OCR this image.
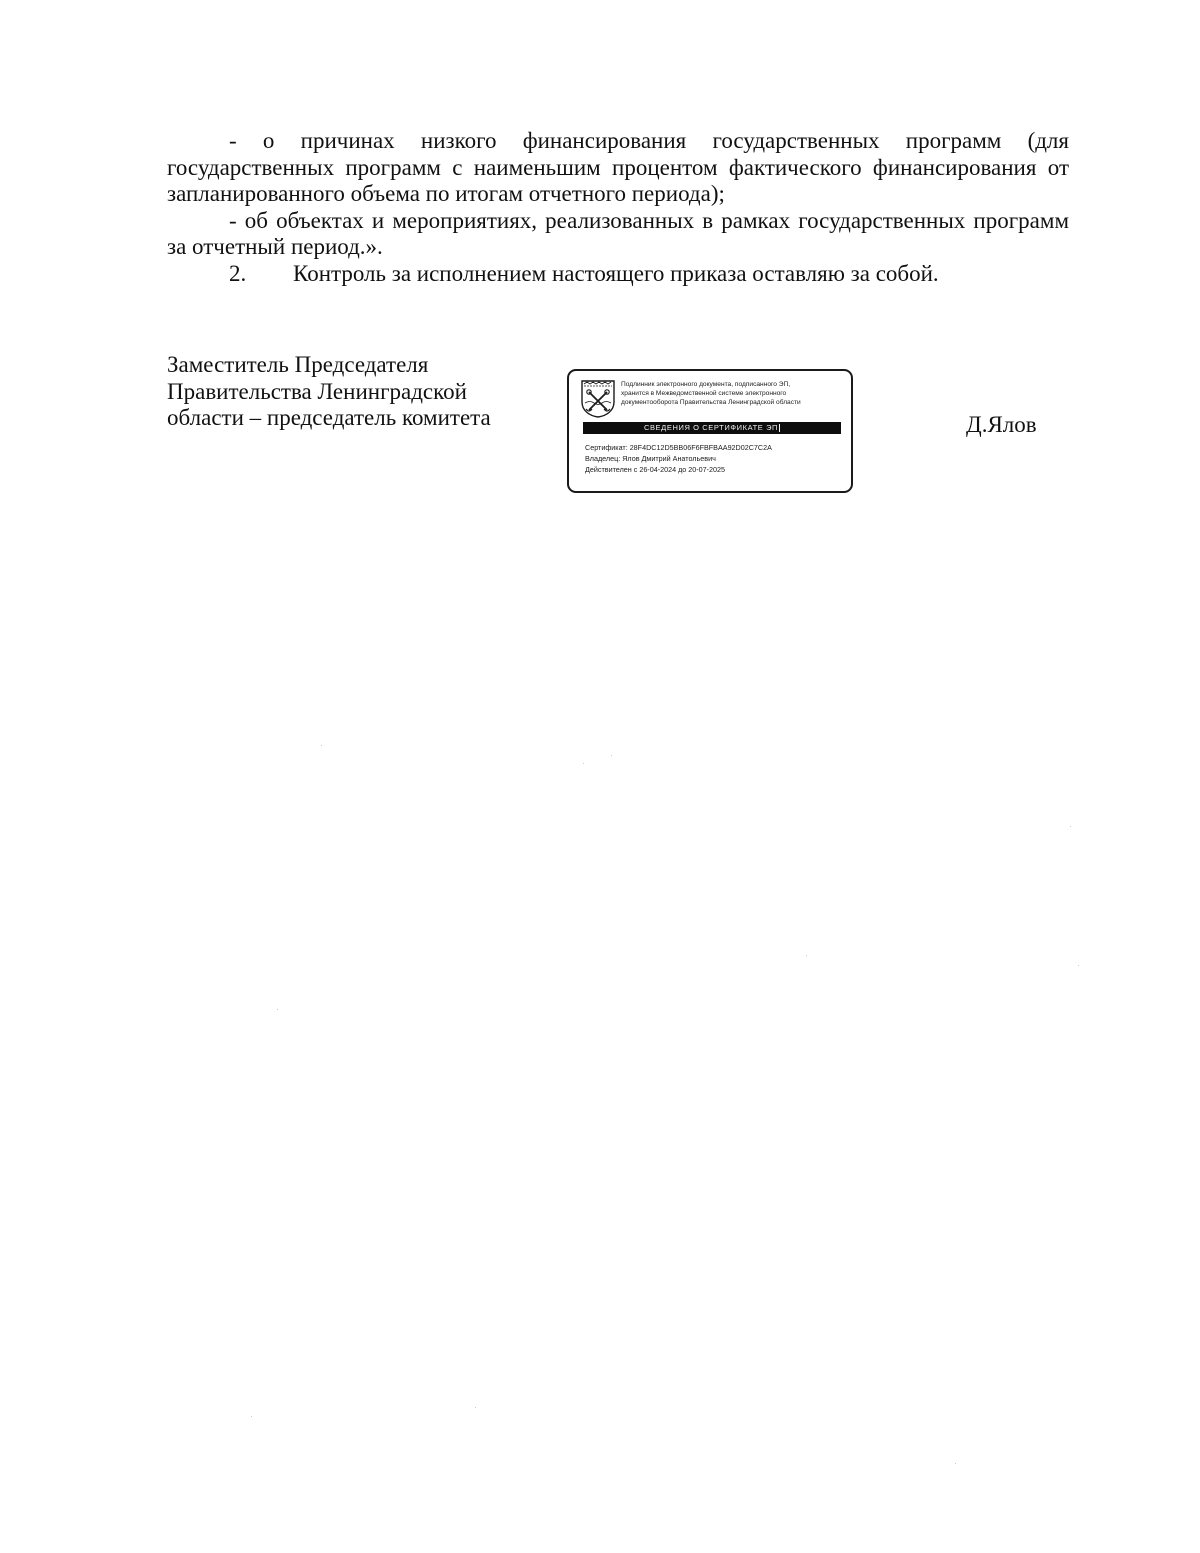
- о причинах низкого финансирования государственных программ (для государственных программ с наименьшим процентом фактического финансирования от запланированного объема по итогам отчетного периода);

- об объектах и мероприятиях, реализованных в рамках государственных программ за отчетный период.».

2. Контроль за исполнением настоящего приказа оставляю за собой.

Заместитель Председателя
Правительства Ленинградской
области – председатель комитета
Подлинник электронного документа, подписанного ЭП,
хранится в Межведомственной системе электронного
документооборота Правительства Ленинградской области
СВЕДЕНИЯ О СЕРТИФИКАТЕ ЭП
Сертификат: 28F4DC12D5BB06F6FBFBAA92D02C7C2A
Владелец: Ялов Дмитрий Анатольевич
Действителен с 26-04-2024 до 20-07-2025
Д.Ялов
